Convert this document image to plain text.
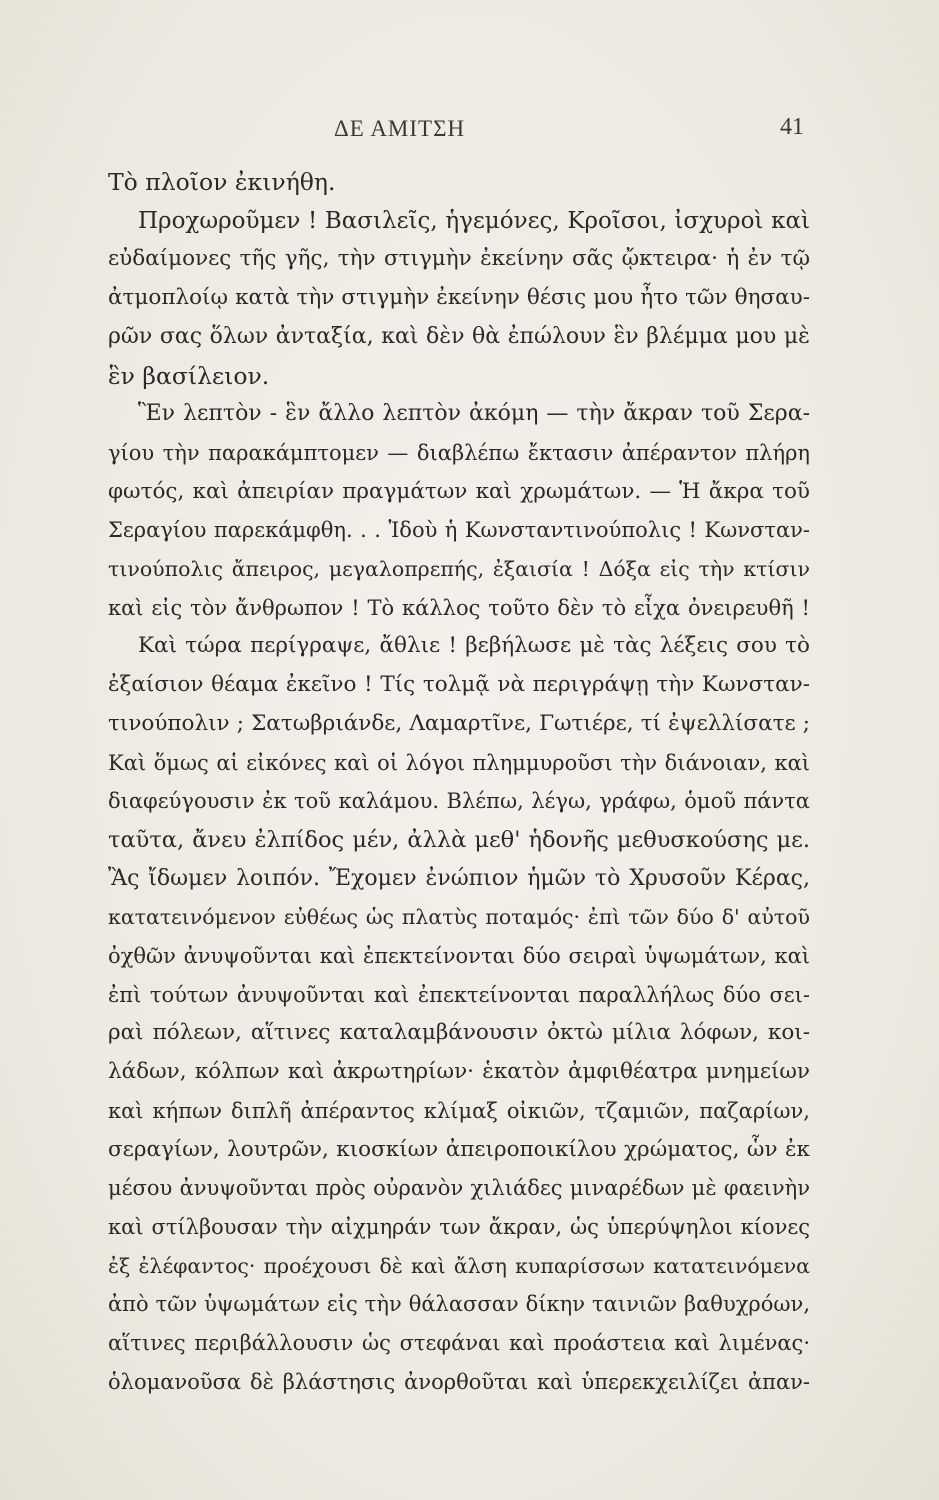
ΔΕ ΑΜΙΤΣΗ	41
Τὸ πλοῖον ἐκινήθη.
Προχωροῦμεν ! Βασιλεῖς, ἡγεμόνες, Κροῖσοι, ἰσχυροὶ καὶ
εὐδαίμονες τῆς γῆς, τὴν στιγμὴν ἐκείνην σᾶς ᾤκτειρα· ἡ ἐν τῷ
ἀτμοπλοίῳ κατὰ τὴν στιγμὴν ἐκείνην θέσις μου ἦτο τῶν θησαυ-
ρῶν σας ὅλων ἀνταξία, καὶ δὲν θὰ ἐπώλουν ἓν βλέμμα μου μὲ
ἓν βασίλειον.
Ἓν λεπτὸν - ἓν ἄλλο λεπτὸν ἀκόμη — τὴν ἄκραν τοῦ Σερα-
γίου τὴν παρακάμπτομεν — διαβλέπω ἔκτασιν ἀπέραντον πλήρη
φωτός, καὶ ἀπειρίαν πραγμάτων καὶ χρωμάτων. — Ἡ ἄκρα τοῦ
Σεραγίου παρεκάμφθη. . . Ἰδοὺ ἡ Κωνσταντινούπολις ! Κωνσταν-
τινούπολις ἄπειρος, μεγαλοπρεπής, ἐξαισία ! Δόξα εἰς τὴν κτίσιν
καὶ εἰς τὸν ἄνθρωπον ! Τὸ κάλλος τοῦτο δὲν τὸ εἶχα ὀνειρευθῆ !
Καὶ τώρα περίγραψε, ἄθλιε ! βεβήλωσε μὲ τὰς λέξεις σου τὸ
ἐξαίσιον θέαμα ἐκεῖνο ! Τίς τολμᾷ νὰ περιγράψῃ τὴν Κωνσταν-
τινούπολιν ; Σατωβριάνδε, Λαμαρτῖνε, Γωτιέρε, τί ἐψελλίσατε ;
Καὶ ὅμως αἱ εἰκόνες καὶ οἱ λόγοι πλημμυροῦσι τὴν διάνοιαν, καὶ
διαφεύγουσιν ἐκ τοῦ καλάμου. Βλέπω, λέγω, γράφω, ὁμοῦ πάντα
ταῦτα, ἄνευ ἐλπίδος μέν, ἀλλὰ μεθ' ἡδονῆς μεθυσκούσης με.
Ἂς ἴδωμεν λοιπόν. Ἔχομεν ἐνώπιον ἡμῶν τὸ Χρυσοῦν Κέρας,
κατατεινόμενον εὐθέως ὡς πλατὺς ποταμός· ἐπὶ τῶν δύο δ' αὐτοῦ
ὀχθῶν ἀνυψοῦνται καὶ ἐπεκτείνονται δύο σειραὶ ὑψωμάτων, καὶ
ἐπὶ τούτων ἀνυψοῦνται καὶ ἐπεκτείνονται παραλλήλως δύο σει-
ραὶ πόλεων, αἵτινες καταλαμβάνουσιν ὀκτὼ μίλια λόφων, κοι-
λάδων, κόλπων καὶ ἀκρωτηρίων· ἑκατὸν ἀμφιθέατρα μνημείων
καὶ κήπων διπλῆ ἀπέραντος κλίμαξ οἰκιῶν, τζαμιῶν, παζαρίων,
σεραγίων, λουτρῶν, κιοσκίων ἀπειροποικίλου χρώματος, ὧν ἐκ
μέσου ἀνυψοῦνται πρὸς οὐρανὸν χιλιάδες μιναρέδων μὲ φαεινὴν
καὶ στίλβουσαν τὴν αἰχμηράν των ἄκραν, ὡς ὑπερύψηλοι κίονες
ἐξ ἐλέφαντος· προέχουσι δὲ καὶ ἄλση κυπαρίσσων κατατεινόμενα
ἀπὸ τῶν ὑψωμάτων εἰς τὴν θάλασσαν δίκην ταινιῶν βαθυχρόων,
αἵτινες περιβάλλουσιν ὡς στεφάναι καὶ προάστεια καὶ λιμένας·
ὁλομανοῦσα δὲ βλάστησις ἀνορθοῦται καὶ ὑπερεκχειλίζει ἀπαν-
